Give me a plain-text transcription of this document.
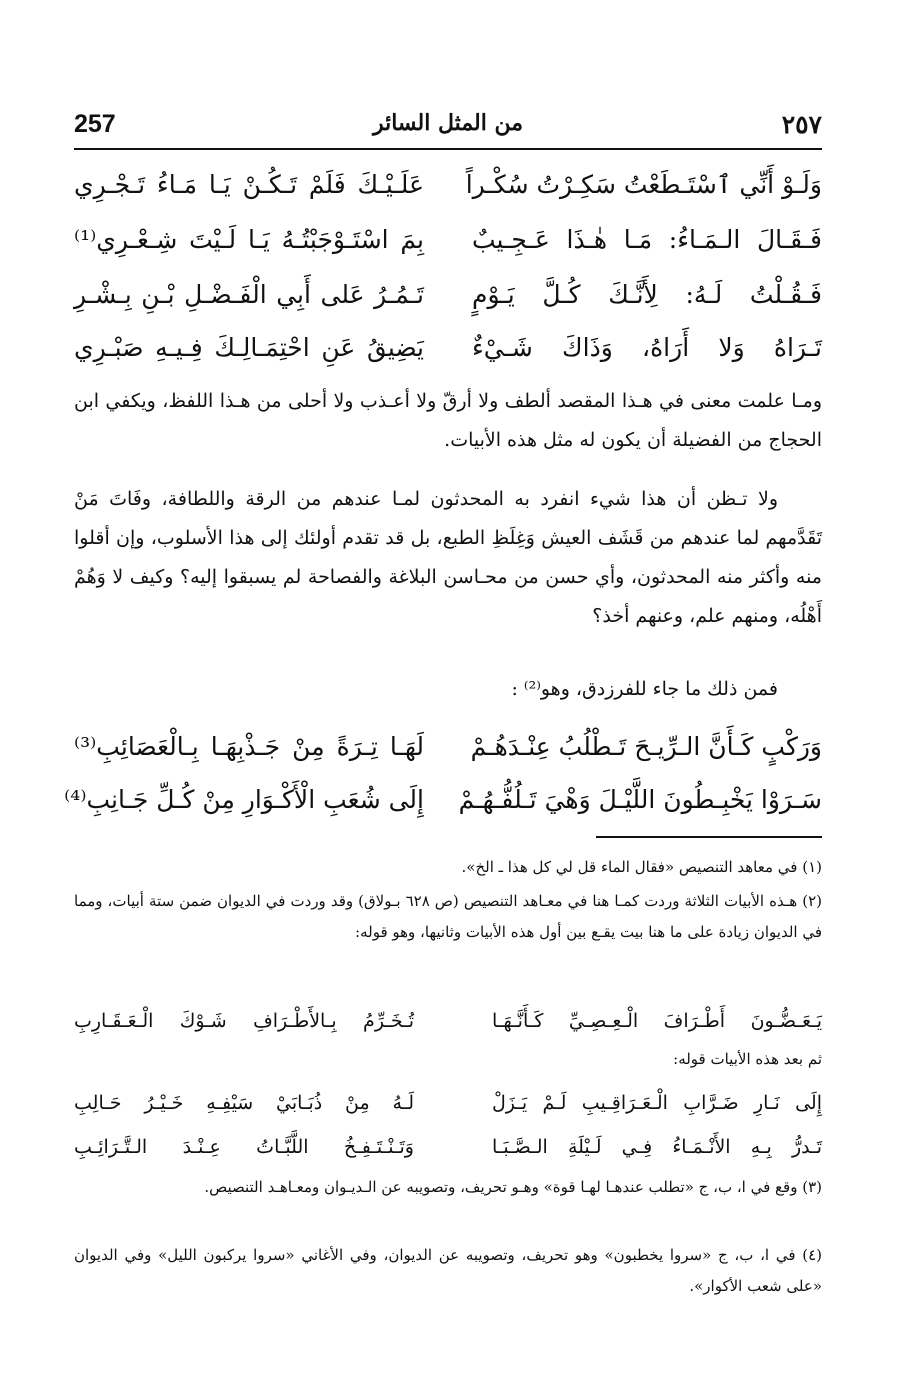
257	من المثل السائر	٢٥٧
وَلَـوْ أَنِّي ٱسْتَـطَعْتُ سَكِـرْتُ سُكْـراً
عَلَـيْـكَ فَلَمْ تَـكُـنْ يَـا مَـاءُ تَـجْـرِي
فَـقَـالَ الـمَـاءُ: مَـا هٰـذَا عَـجِـيبٌ
بِمَ اسْتَـوْجَبْتُـهُ يَـا لَـيْتَ شِـعْـرِي⁽¹⁾
فَـقُـلْتُ لَـهُ: لِأَنَّـكَ كُـلَّ يَـوْمٍ
تَـمُـرُ عَلى أَبِي الْفَـضْـلِ بْـنِ بِـشْـرِ
تَـرَاهُ وَلا أَرَاهُ، وَذَاكَ شَـيْءٌ
يَضِيقُ عَنِ احْتِمَـالِـكَ فِـيـهِ صَبْـرِي
ومـا علمت معنى في هـذا المقصد ألطف ولا أرقّ ولا أعـذب ولا أحلى من هـذا اللفظ، ويكفي ابن الحجاج من الفضيلة أن يكون له مثل هذه الأبيات.
ولا تـظن أن هذا شيء انفرد به المحدثون لمـا عندهم من الرقة واللطافة، وفَاتَ مَنْ تَقَدَّمهم لما عندهم من قَشَف العيش وَغِلَظِ الطبع، بل قد تقدم أولئك إلى هذا الأسلوب، وإن أقلوا منه وأكثر منه المحدثون، وأي حسن من محـاسن البلاغة والفصاحة لم يسبقوا إليه؟ وكيف لا وَهُمْ أَهْلُه، ومنهم علم، وعنهم أخذ؟
فمن ذلك ما جاء للفرزدق، وهو⁽²⁾ :
وَرَكْبٍ كَـأَنَّ الـرِّيـحَ تَـطْلُبُ عِنْـدَهُـمْ
لَهَـا تِـرَةً مِنْ جَـذْبِهَـا بِـالْعَصَائِبِ⁽³⁾
سَـرَوْا يَخْبِـطُونَ اللَّيْـلَ وَهْيَ تَـلُفُّـهُـمْ
إِلَى شُعَبِ الْأَكْـوَارِ مِنْ كُـلِّ جَـانِبِ⁽⁴⁾
(١) في معاهد التنصيص «فقال الماء قل لي كل هذا ـ الخ».
(٢) هـذه الأبيات الثلاثة وردت كمـا هنا في معـاهد التنصيص (ص ٦٢٨ بـولاق) وقد وردت في الديوان ضمن ستة أبيات، ومما في الديوان زيادة على ما هنا بيت يقـع بين أول هذه الأبيات وثانيها، وهو قوله:
يَـعَـضُّـونَ أَطْـرَافَ الْـعِـصِـيِّ كَـأَنَّـهَـا
تُـخَـرِّمُ بِـالأَطْـرَافِ شَـوْكَ الْـعَـقَـارِبِ
ثم بعد هذه الأبيات قوله:
إِلَى نَـارِ ضَـرَّابِ الْـعَـرَاقِـيبِ لَـمْ يَـزَلْ
لَـهُ مِنْ ذُبَـابَيْ سَيْفِـهِ خَـيْـرُ حَـالِبِ
تَـدرُّ بِـهِ الأَنْـمَـاءُ فِـي لَـيْلَةِ الـصَّـبَـا
وَتَـنْـتَـفِـخُ اللَّبَّـاتُ عِـنْـدَ الـتَّـرَائِـبِ
(٣) وقع في ا، ب، ج «تطلب عندهـا لهـا قوة» وهـو تحريف، وتصويبه عن الـديـوان ومعـاهـد التنصيص.
(٤) في ا، ب، ج «سروا يخطبون» وهو تحريف، وتصويبه عن الديوان، وفي الأغاني «سروا يركبون الليل» وفي الديوان «على شعب الأكوار».
